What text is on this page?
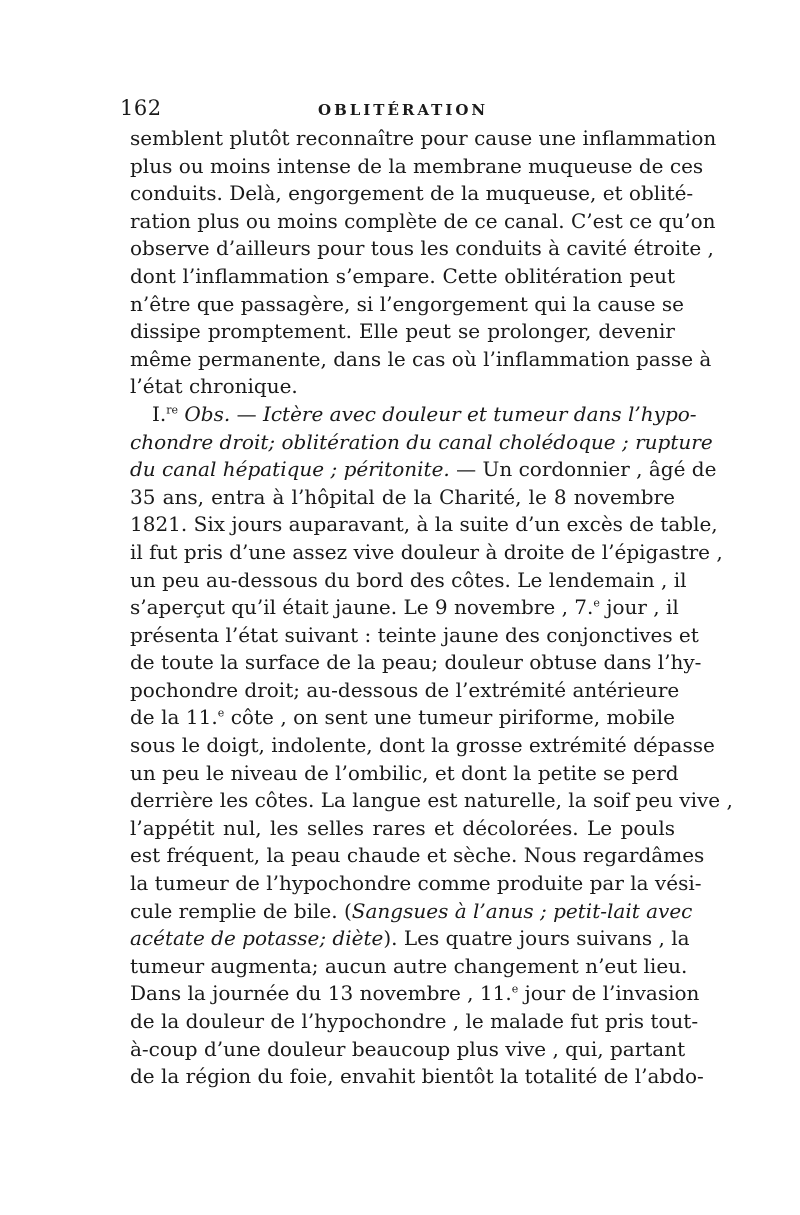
162	OBLITÉRATION
semblent plutôt reconnaître pour cause une inflammation
plus ou moins intense de la membrane muqueuse de ces
conduits. Delà, engorgement de la muqueuse, et oblité-
ration plus ou moins complète de ce canal. C’est ce qu’on
observe d’ailleurs pour tous les conduits à cavité étroite ,
dont l’inflammation s’empare. Cette oblitération peut
n’être que passagère, si l’engorgement qui la cause se
dissipe promptement. Elle peut se prolonger, devenir
même permanente, dans le cas où l’inflammation passe à
l’état chronique.
I.$^{re}$ Obs. — Ictère avec douleur et tumeur dans l’hypo-
chondre droit; oblitération du canal cholédoque ; rupture
du canal hépatique ; péritonite. — Un cordonnier , âgé de
35 ans, entra à l’hôpital de la Charité, le 8 novembre
1821. Six jours auparavant, à la suite d’un excès de table,
il fut pris d’une assez vive douleur à droite de l’épigastre ,
un peu au-dessous du bord des côtes. Le lendemain , il
s’aperçut qu’il était jaune. Le 9 novembre , 7.$^e$ jour , il
présenta l’état suivant : teinte jaune des conjonctives et
de toute la surface de la peau; douleur obtuse dans l’hy-
pochondre droit; au-dessous de l’extrémité antérieure
de la 11.$^e$ côte , on sent une tumeur piriforme, mobile
sous le doigt, indolente, dont la grosse extrémité dépasse
un peu le niveau de l’ombilic, et dont la petite se perd
derrière les côtes. La langue est naturelle, la soif peu vive ,
l’appétit nul, les selles rares et décolorées. Le pouls
est fréquent, la peau chaude et sèche. Nous regardâmes
la tumeur de l’hypochondre comme produite par la vési-
cule remplie de bile. (Sangsues à l’anus ; petit-lait avec
acétate de potasse; diète). Les quatre jours suivans , la
tumeur augmenta; aucun autre changement n’eut lieu.
Dans la journée du 13 novembre , 11.$^e$ jour de l’invasion
de la douleur de l’hypochondre , le malade fut pris tout-
à-coup d’une douleur beaucoup plus vive , qui, partant
de la région du foie, envahit bientôt la totalité de l’abdo-
